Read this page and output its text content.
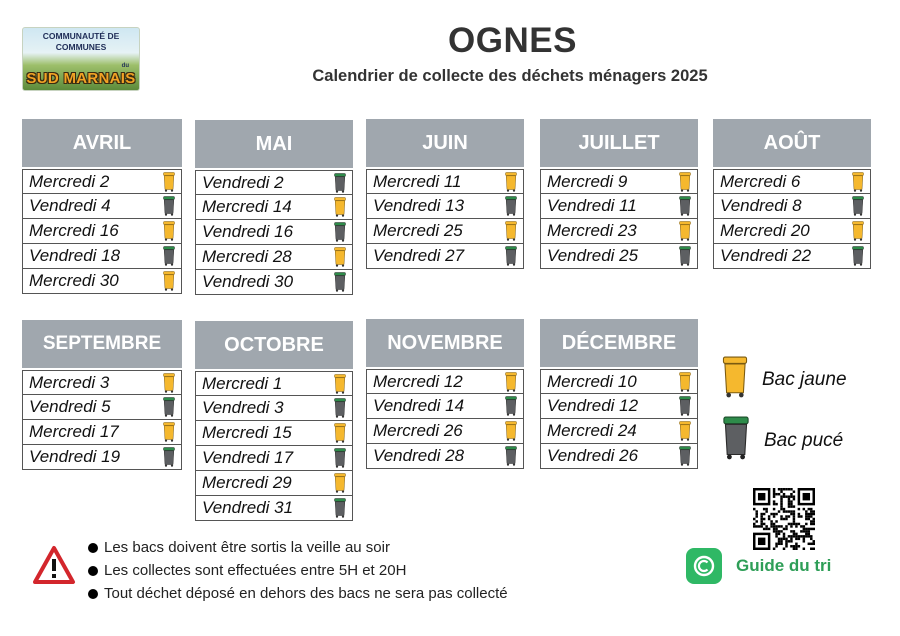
COMMUNAUTÉ DE
COMMUNES
du
SUD MARNAIS
OGNES
Calendrier de collecte des déchets ménagers 2025
AVRIL
Mercredi 2
Vendredi 4
Mercredi 16
Vendredi 18
Mercredi 30
MAI
Vendredi 2
Mercredi 14
Vendredi 16
Mercredi 28
Vendredi 30
JUIN
Mercredi 11
Vendredi 13
Mercredi 25
Vendredi 27
JUILLET
Mercredi 9
Vendredi 11
Mercredi 23
Vendredi 25
AOÛT
Mercredi 6
Vendredi 8
Mercredi 20
Vendredi 22
SEPTEMBRE
Mercredi 3
Vendredi 5
Mercredi 17
Vendredi 19
OCTOBRE
Mercredi 1
Vendredi 3
Mercredi 15
Vendredi 17
Mercredi 29
Vendredi 31
NOVEMBRE
Mercredi 12
Vendredi 14
Mercredi 26
Vendredi 28
DÉCEMBRE
Mercredi 10
Vendredi 12
Mercredi 24
Vendredi 26
Bac jaune
Bac pucé
Guide du tri
Les bacs doivent être sortis la veille au soir
Les collectes sont effectuées entre 5H et 20H
Tout déchet déposé en dehors des bacs ne sera pas collecté
